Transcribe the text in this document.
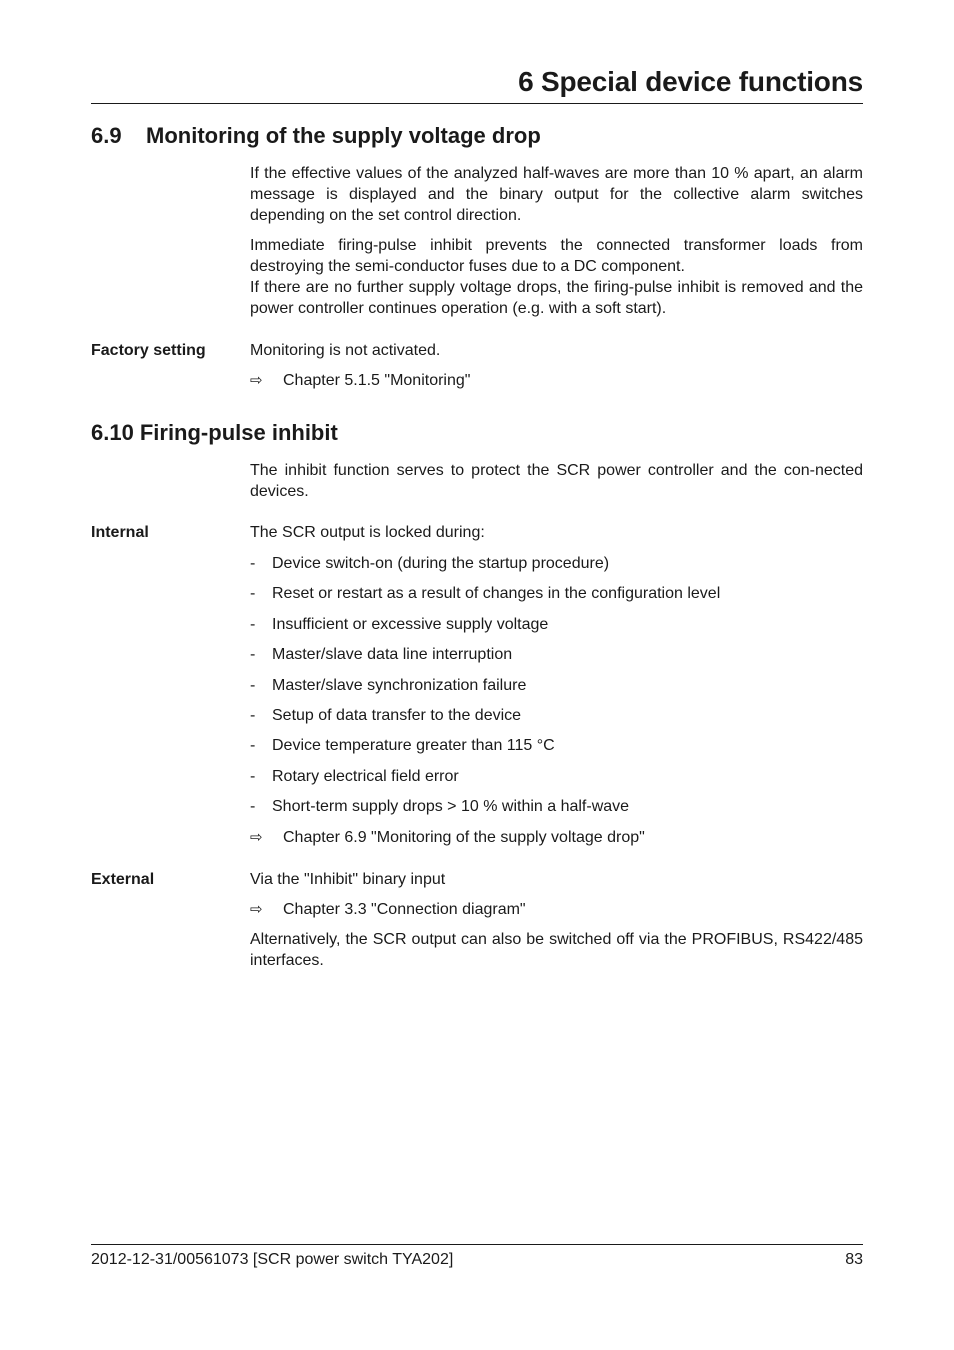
6 Special device functions
6.9 Monitoring of the supply voltage drop

If the effective values of the analyzed half-waves are more than 10 % apart, an alarm message is displayed and the binary output for the collective alarm switches depending on the set control direction.

Immediate firing-pulse inhibit prevents the connected transformer loads from destroying the semi-conductor fuses due to a DC component.
If there are no further supply voltage drops, the firing-pulse inhibit is removed and the power controller continues operation (e.g. with a soft start).

Factory setting	Monitoring is not activated.
⇨ Chapter 5.1.5 "Monitoring"
6.10 Firing-pulse inhibit

The inhibit function serves to protect the SCR power controller and the con-nected devices.

Internal	The SCR output is locked during:
- Device switch-on (during the startup procedure)
- Reset or restart as a result of changes in the configuration level
- Insufficient or excessive supply voltage
- Master/slave data line interruption
- Master/slave synchronization failure
- Setup of data transfer to the device
- Device temperature greater than 115 °C
- Rotary electrical field error
- Short-term supply drops > 10 % within a half-wave
⇨ Chapter 6.9 "Monitoring of the supply voltage drop"
External	Via the "Inhibit" binary input
⇨ Chapter 3.3 "Connection diagram"

Alternatively, the SCR output can also be switched off via the PROFIBUS, RS422/485 interfaces.

2012-12-31/00561073 [SCR power switch TYA202]	83
